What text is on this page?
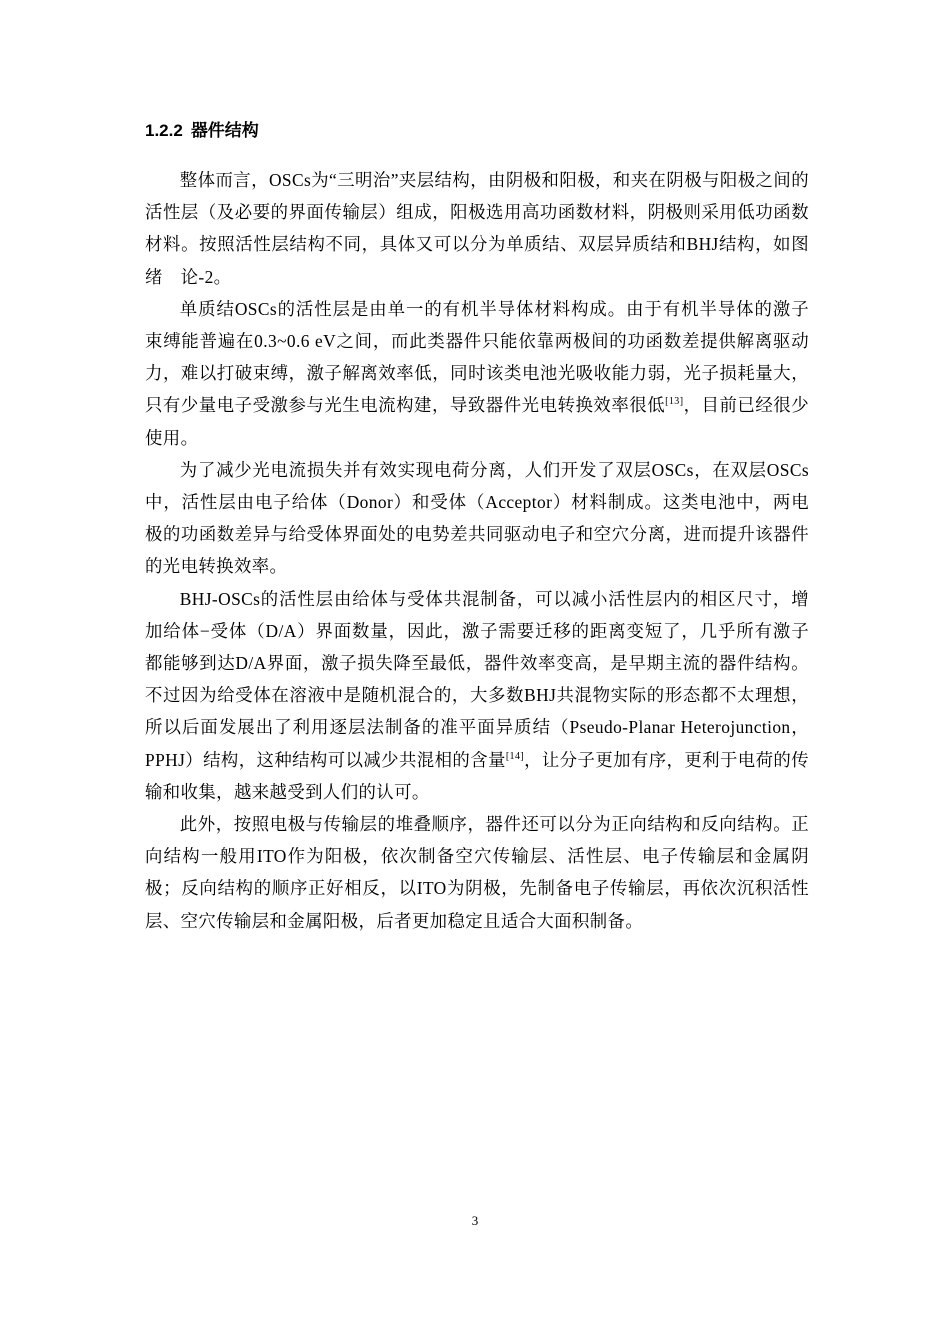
1.2.2 器件结构

整体而言，OSCs为“三明治”夹层结构，由阴极和阳极，和夹在阴极与阳极之间的活性层（及必要的界面传输层）组成，阳极选用高功函数材料，阴极则采用低功函数材料。按照活性层结构不同，具体又可以分为单质结、双层异质结和BHJ结构，如图绪　论-2。

单质结OSCs的活性层是由单一的有机半导体材料构成。由于有机半导体的激子束缚能普遍在0.3~0.6 eV之间，而此类器件只能依靠两极间的功函数差提供解离驱动力，难以打破束缚，激子解离效率低，同时该类电池光吸收能力弱，光子损耗量大，只有少量电子受激参与光生电流构建，导致器件光电转换效率很低[13]，目前已经很少使用。

为了减少光电流损失并有效实现电荷分离，人们开发了双层OSCs，在双层OSCs中，活性层由电子给体（Donor）和受体（Acceptor）材料制成。这类电池中，两电极的功函数差异与给受体界面处的电势差共同驱动电子和空穴分离，进而提升该器件的光电转换效率。

BHJ-OSCs的活性层由给体与受体共混制备，可以减小活性层内的相区尺寸，增加给体−受体（D/A）界面数量，因此，激子需要迁移的距离变短了，几乎所有激子都能够到达D/A界面，激子损失降至最低，器件效率变高，是早期主流的器件结构。不过因为给受体在溶液中是随机混合的，大多数BHJ共混物实际的形态都不太理想，所以后面发展出了利用逐层法制备的准平面异质结（Pseudo-Planar Heterojunction，PPHJ）结构，这种结构可以减少共混相的含量[14]，让分子更加有序，更利于电荷的传输和收集，越来越受到人们的认可。

此外，按照电极与传输层的堆叠顺序，器件还可以分为正向结构和反向结构。正向结构一般用ITO作为阳极，依次制备空穴传输层、活性层、电子传输层和金属阴极；反向结构的顺序正好相反，以ITO为阴极，先制备电子传输层，再依次沉积活性层、空穴传输层和金属阳极，后者更加稳定且适合大面积制备。

3
